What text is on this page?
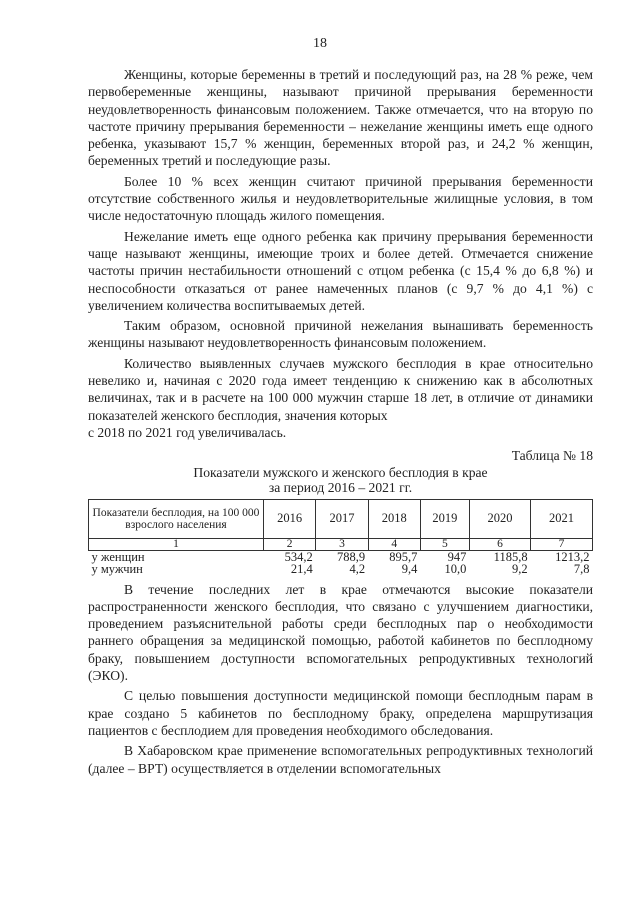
18

Женщины, которые беременны в третий и последующий раз, на 28 % реже, чем первобеременные женщины, называют причиной прерывания беременности неудовлетворенность финансовым положением. Также отмечается, что на вторую по частоте причину прерывания беременности – нежелание женщины иметь еще одного ребенка, указывают 15,7 % женщин, беременных второй раз, и 24,2 % женщин, беременных третий и последующие разы.

Более 10 % всех женщин считают причиной прерывания беременности отсутствие собственного жилья и неудовлетворительные жилищные условия, в том числе недостаточную площадь жилого помещения.

Нежелание иметь еще одного ребенка как причину прерывания беременности чаще называют женщины, имеющие троих и более детей. Отмечается снижение частоты причин нестабильности отношений с отцом ребенка (с 15,4 % до 6,8 %) и неспособности отказаться от ранее намеченных планов (с 9,7 % до 4,1 %) с увеличением количества воспитываемых детей.

Таким образом, основной причиной нежелания вынашивать беременность женщины называют неудовлетворенность финансовым положением.

Количество выявленных случаев мужского бесплодия в крае относительно невелико и, начиная с 2020 года имеет тенденцию к снижению как в абсолютных величинах, так и в расчете на 100 000 мужчин старше 18 лет, в отличие от динамики показателей женского бесплодия, значения которых

с 2018 по 2021 год увеличивалась.

Таблица № 18
Показатели мужского и женского бесплодия в крае
за период 2016 – 2021 гг.
Показатели бесплодия, на 100 000 взрослого населения	2016	2017	2018	2019	2020	2021
1	2	3	4	5	6	7
у женщин	534,2	788,9	895,7	947	1185,8	1213,2
у мужчин	21,4	4,2	9,4	10,0	9,2	7,8

В течение последних лет в крае отмечаются высокие показатели распространенности женского бесплодия, что связано с улучшением диагностики, проведением разъяснительной работы среди бесплодных пар о необходимости раннего обращения за медицинской помощью, работой кабинетов по бесплодному браку, повышением доступности вспомогательных репродуктивных технологий (ЭКО).

С целью повышения доступности медицинской помощи бесплодным парам в крае создано 5 кабинетов по бесплодному браку, определена маршрутизация пациентов с бесплодием для проведения необходимого обследования.

В Хабаровском крае применение вспомогательных репродуктивных технологий (далее – ВРТ) осуществляется в отделении вспомогательных
